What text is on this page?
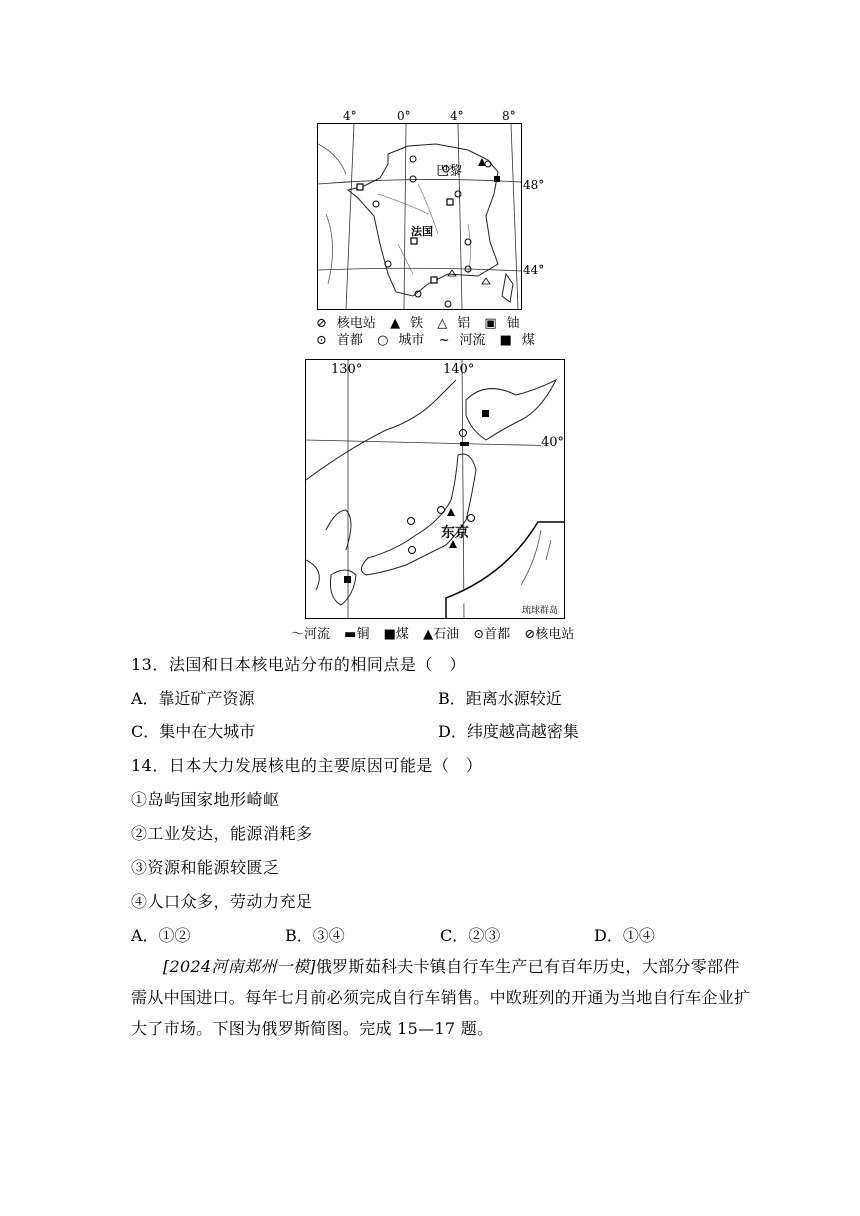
4°	0°	4°	8°
巴黎
法国
48°
44°
⊘ 核电站 ▲ 铁 △ 铝 ▣ 铀
⊙ 首都 ○ 城市 ~ 河流 ■ 煤
130°	140°
40°
东京
琉球群岛
～河流 ▬铜 ■煤 ▲石油 ⊙首都 ⊘核电站
13．法国和日本核电站分布的相同点是（　）
A．靠近矿产资源	B．距离水源较近
C．集中在大城市	D．纬度越高越密集
14．日本大力发展核电的主要原因可能是（　）
①岛屿国家地形崎岖
②工业发达，能源消耗多
③资源和能源较匮乏
④人口众多，劳动力充足
A．①②	B．③④	C．②③	D．①④
[2024河南郑州一模]俄罗斯茹科夫卡镇自行车生产已有百年历史，大部分零部件需从中国进口。每年七月前必须完成自行车销售。中欧班列的开通为当地自行车企业扩大了市场。下图为俄罗斯简图。完成 15—17 题。
